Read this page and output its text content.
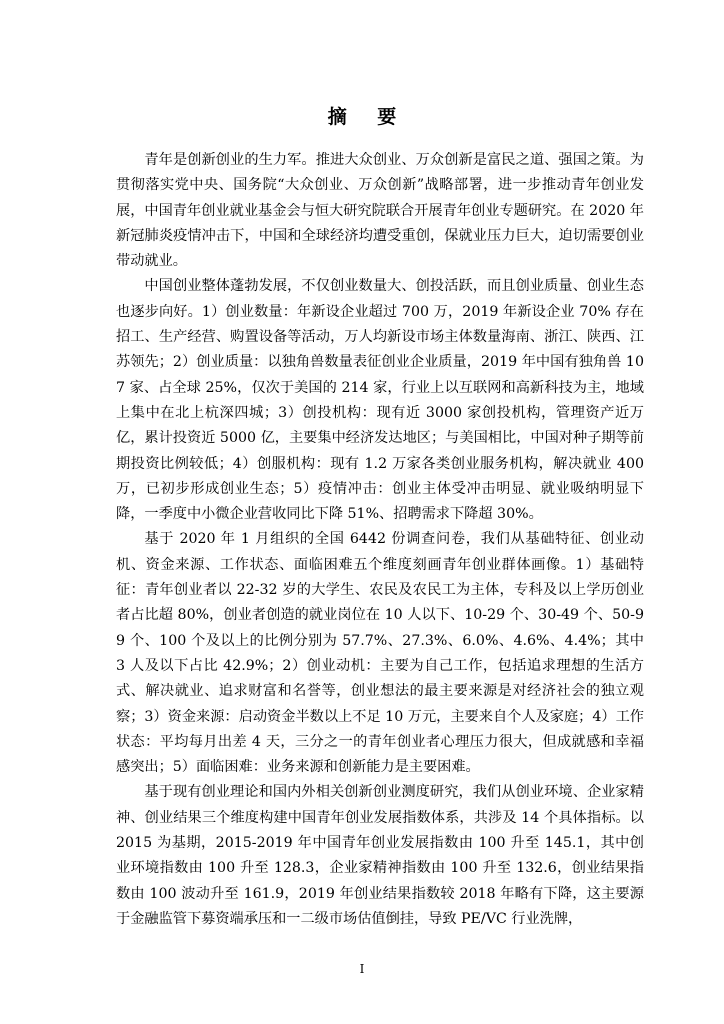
摘 要

青年是创新创业的生力军。推进大众创业、万众创新是富民之道、强国之策。为贯彻落实党中央、国务院“大众创业、万众创新”战略部署，进一步推动青年创业发展，中国青年创业就业基金会与恒大研究院联合开展青年创业专题研究。在 2020 年新冠肺炎疫情冲击下，中国和全球经济均遭受重创，保就业压力巨大，迫切需要创业带动就业。

中国创业整体蓬勃发展，不仅创业数量大、创投活跃，而且创业质量、创业生态也逐步向好。1）创业数量：年新设企业超过 700 万，2019 年新设企业 70% 存在招工、生产经营、购置设备等活动，万人均新设市场主体数量海南、浙江、陕西、江苏领先；2）创业质量：以独角兽数量表征创业企业质量，2019 年中国有独角兽 107 家、占全球 25%，仅次于美国的 214 家，行业上以互联网和高新科技为主，地域上集中在北上杭深四城；3）创投机构：现有近 3000 家创投机构，管理资产近万亿，累计投资近 5000 亿，主要集中经济发达地区；与美国相比，中国对种子期等前期投资比例较低；4）创服机构：现有 1.2 万家各类创业服务机构，解决就业 400 万，已初步形成创业生态；5）疫情冲击：创业主体受冲击明显、就业吸纳明显下降，一季度中小微企业营收同比下降 51%、招聘需求下降超 30%。

基于 2020 年 1 月组织的全国 6442 份调查问卷，我们从基础特征、创业动机、资金来源、工作状态、面临困难五个维度刻画青年创业群体画像。1）基础特征：青年创业者以 22-32 岁的大学生、农民及农民工为主体，专科及以上学历创业者占比超 80%，创业者创造的就业岗位在 10 人以下、10-29 个、30-49 个、50-99 个、100 个及以上的比例分别为 57.7%、27.3%、6.0%、4.6%、4.4%；其中 3 人及以下占比 42.9%；2）创业动机：主要为自己工作，包括追求理想的生活方式、解决就业、追求财富和名誉等，创业想法的最主要来源是对经济社会的独立观察；3）资金来源：启动资金半数以上不足 10 万元，主要来自个人及家庭；4）工作状态：平均每月出差 4 天，三分之一的青年创业者心理压力很大，但成就感和幸福感突出；5）面临困难：业务来源和创新能力是主要困难。

基于现有创业理论和国内外相关创新创业测度研究，我们从创业环境、企业家精神、创业结果三个维度构建中国青年创业发展指数体系，共涉及 14 个具体指标。以 2015 为基期，2015-2019 年中国青年创业发展指数由 100 升至 145.1，其中创业环境指数由 100 升至 128.3，企业家精神指数由 100 升至 132.6，创业结果指数由 100 波动升至 161.9，2019 年创业结果指数较 2018 年略有下降，这主要源于金融监管下募资端承压和一二级市场估值倒挂，导致 PE/VC 行业洗牌，

I
